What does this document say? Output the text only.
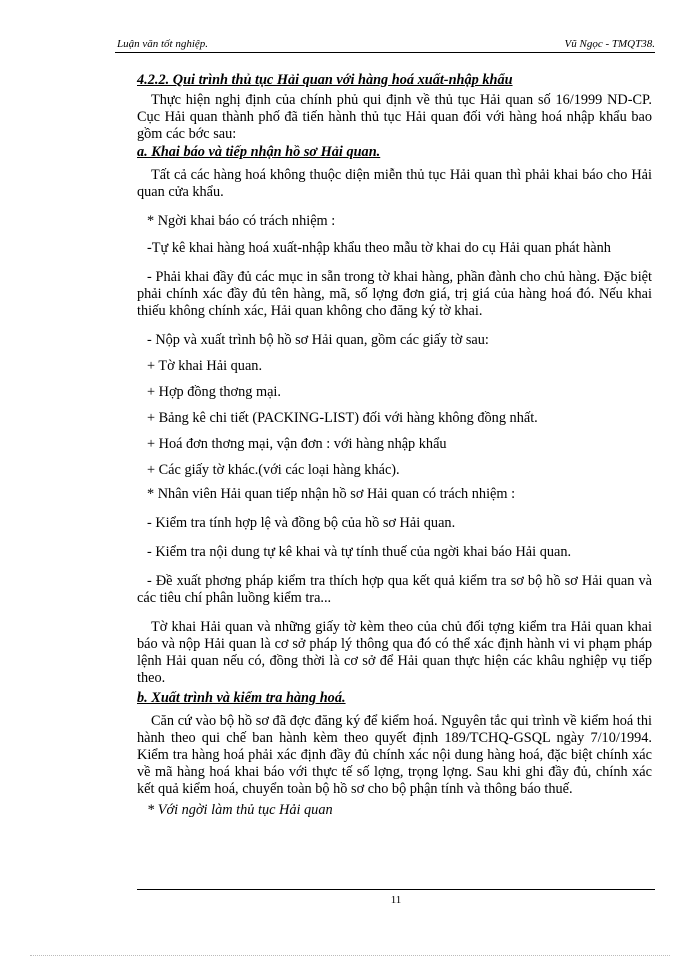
Luận văn tốt nghiệp.	Vũ Ngọc - TMQT38.
4.2.2. Qui trình thủ tục Hải quan với hàng hoá xuất-nhập khẩu

Thực hiện nghị định của chính phủ qui định về thủ tục Hải quan số 16/1999 ND-CP. Cục Hải quan thành phố đã tiến hành thủ tục Hải quan đối với hàng hoá nhập khẩu bao gồm các bớc sau:

a. Khai báo và tiếp nhận hồ sơ Hải quan.

Tất cả các hàng hoá không thuộc diện miễn thủ tục Hải quan thì phải khai báo cho Hải quan cửa khẩu.

* Ngời khai báo có trách nhiệm :

-Tự kê khai hàng hoá xuất-nhập khẩu theo mẫu tờ khai do cụ Hải quan phát hành

- Phải khai đầy đủ các mục in sẵn trong tờ khai hàng, phần đành cho chủ hàng. Đặc biệt phải chính xác đầy đủ tên hàng, mã, số lợng đơn giá, trị giá của hàng hoá đó. Nếu khai thiếu không chính xác, Hải quan không cho đăng ký tờ khai.

- Nộp và xuất trình bộ hồ sơ Hải quan, gồm các giấy tờ sau:

+ Tờ khai Hải quan.

+ Hợp đồng thơng mại.

+ Bảng kê chi tiết (PACKING-LIST) đối với hàng không đồng nhất.

+ Hoá đơn thơng mại, vận đơn : với hàng nhập khẩu

+ Các giấy tờ khác.(với các loại hàng khác).

* Nhân viên Hải quan tiếp nhận hồ sơ Hải quan có trách nhiệm :

- Kiểm tra tính hợp lệ và đồng bộ của hồ sơ Hải quan.

- Kiểm tra nội dung tự kê khai và tự tính thuế của ngời khai báo Hải quan.

- Đề xuất phơng pháp kiểm tra thích hợp qua kết quả kiểm tra sơ bộ hồ sơ Hải quan và các tiêu chí phân luồng kiểm tra...

Tờ khai Hải quan và những giấy tờ kèm theo của chủ đối tợng kiểm tra Hải quan khai báo và nộp Hải quan là cơ sở pháp lý thông qua đó có thể xác định hành vi vi phạm pháp lệnh Hải quan nếu có, đồng thời là cơ sở để Hải quan thực hiện các khâu nghiệp vụ tiếp theo.

b. Xuất trình và kiểm tra hàng hoá.

Căn cứ vào bộ hồ sơ đã đợc đăng ký để kiểm hoá. Nguyên tắc qui trình về kiểm hoá thi hành theo qui chế ban hành kèm theo quyết định 189/TCHQ-GSQL ngày 7/10/1994. Kiểm tra hàng hoá phải xác định đầy đủ chính xác nội dung hàng hoá, đặc biệt chính xác về mã hàng hoá khai báo với thực tế số lợng, trọng lợng. Sau khi ghi đầy đủ, chính xác kết quả kiểm hoá, chuyển toàn bộ hồ sơ cho bộ phận tính và thông báo thuế.

* Với ngời làm thủ tục Hải quan

11
